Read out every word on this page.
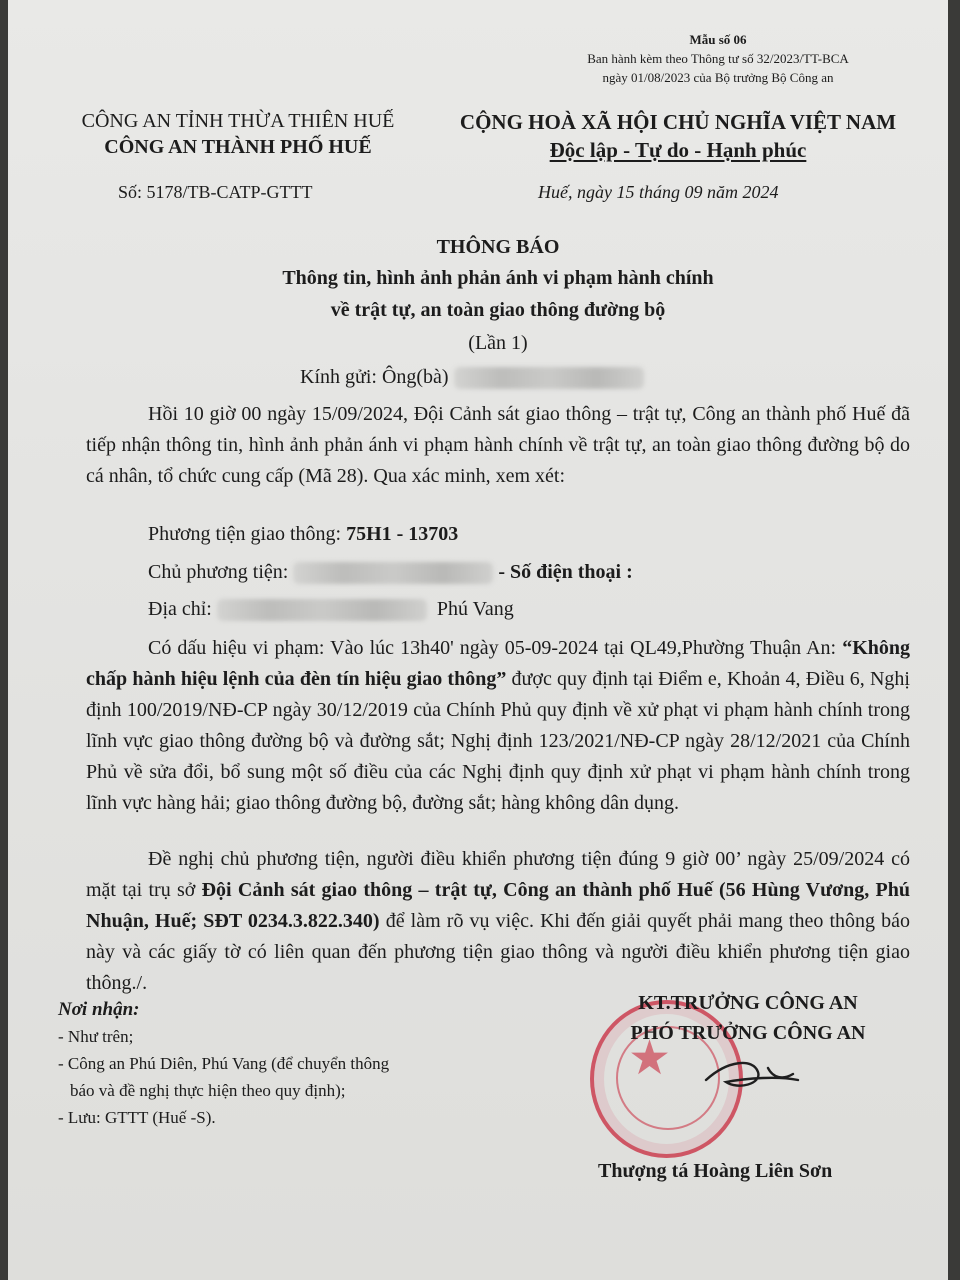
Mẫu số 06
Ban hành kèm theo Thông tư số 32/2023/TT-BCA
ngày 01/08/2023 của Bộ trưởng Bộ Công an
CÔNG AN TỈNH THỪA THIÊN HUẾ
CÔNG AN THÀNH PHỐ HUẾ
CỘNG HOÀ XÃ HỘI CHỦ NGHĨA VIỆT NAM
Độc lập - Tự do - Hạnh phúc
Số: 5178/TB-CATP-GTTT	Huế, ngày 15 tháng 09 năm 2024
THÔNG BÁO
Thông tin, hình ảnh phản ánh vi phạm hành chính
về trật tự, an toàn giao thông đường bộ
(Lần 1)
Kính gửi: Ông(bà)
Hồi 10 giờ 00 ngày 15/09/2024, Đội Cảnh sát giao thông – trật tự, Công an thành phố Huế đã tiếp nhận thông tin, hình ảnh phản ánh vi phạm hành chính về trật tự, an toàn giao thông đường bộ do cá nhân, tổ chức cung cấp (Mã 28). Qua xác minh, xem xét:
Phương tiện giao thông: 75H1 - 13703
Chủ phương tiện:	- Số điện thoại :
Địa chỉ:	Phú Vang
Có dấu hiệu vi phạm: Vào lúc 13h40' ngày 05-09-2024 tại QL49,Phường Thuận An: “Không chấp hành hiệu lệnh của đèn tín hiệu giao thông” được quy định tại Điểm e, Khoản 4, Điều 6, Nghị định 100/2019/NĐ-CP ngày 30/12/2019 của Chính Phủ quy định về xử phạt vi phạm hành chính trong lĩnh vực giao thông đường bộ và đường sắt; Nghị định 123/2021/NĐ-CP ngày 28/12/2021 của Chính Phủ về sửa đổi, bổ sung một số điều của các Nghị định quy định xử phạt vi phạm hành chính trong lĩnh vực hàng hải; giao thông đường bộ, đường sắt; hàng không dân dụng.
Đề nghị chủ phương tiện, người điều khiển phương tiện đúng 9 giờ 00’ ngày 25/09/2024 có mặt tại trụ sở Đội Cảnh sát giao thông – trật tự, Công an thành phố Huế (56 Hùng Vương, Phú Nhuận, Huế; SĐT 0234.3.822.340) để làm rõ vụ việc. Khi đến giải quyết phải mang theo thông báo này và các giấy tờ có liên quan đến phương tiện giao thông và người điều khiển phương tiện giao thông./.
Nơi nhận:
- Như trên;
- Công an Phú Diên, Phú Vang (để chuyển thông
báo và đề nghị thực hiện theo quy định);
- Lưu: GTTT (Huế -S).
★
KT.TRƯỞNG CÔNG AN
PHÓ TRƯỞNG CÔNG AN
Thượng tá Hoàng Liên Sơn
